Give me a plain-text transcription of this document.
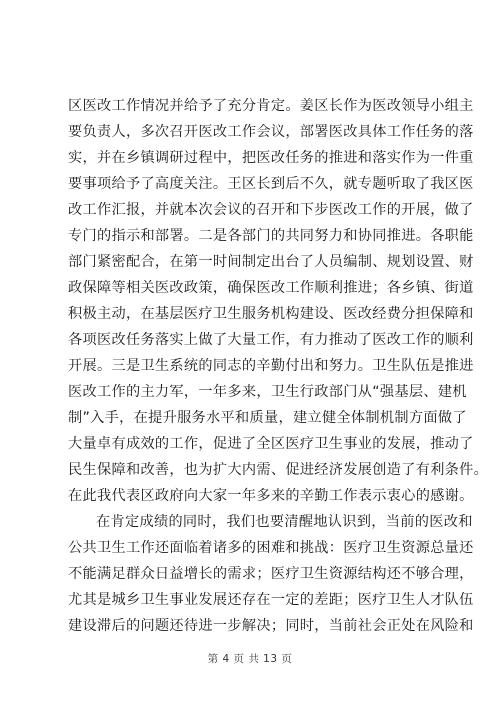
区医改工作情况并给予了充分肯定。姜区长作为医改领导小组主
要负责人，多次召开医改工作会议，部署医改具体工作任务的落
实，并在乡镇调研过程中，把医改任务的推进和落实作为一件重
要事项给予了高度关注。王区长到后不久，就专题听取了我区医
改工作汇报，并就本次会议的召开和下步医改工作的开展，做了
专门的指示和部署。二是各部门的共同努力和协同推进。各职能
部门紧密配合，在第一时间制定出台了人员编制、规划设置、财
政保障等相关医改政策，确保医改工作顺利推进；各乡镇、街道
积极主动，在基层医疗卫生服务机构建设、医改经费分担保障和
各项医改任务落实上做了大量工作，有力推动了医改工作的顺利
开展。三是卫生系统的同志的辛勤付出和努力。卫生队伍是推进
医改工作的主力军，一年多来，卫生行政部门从“强基层、建机
制”入手，在提升服务水平和质量，建立健全体制机制方面做了
大量卓有成效的工作，促进了全区医疗卫生事业的发展，推动了
民生保障和改善，也为扩大内需、促进经济发展创造了有利条件。
在此我代表区政府向大家一年多来的辛勤工作表示衷心的感谢。
在肯定成绩的同时，我们也要清醒地认识到，当前的医改和
公共卫生工作还面临着诸多的困难和挑战：医疗卫生资源总量还
不能满足群众日益增长的需求；医疗卫生资源结构还不够合理，
尤其是城乡卫生事业发展还存在一定的差距；医疗卫生人才队伍
建设滞后的问题还待进一步解决；同时，当前社会正处在风险和
第 4 页 共 13 页
